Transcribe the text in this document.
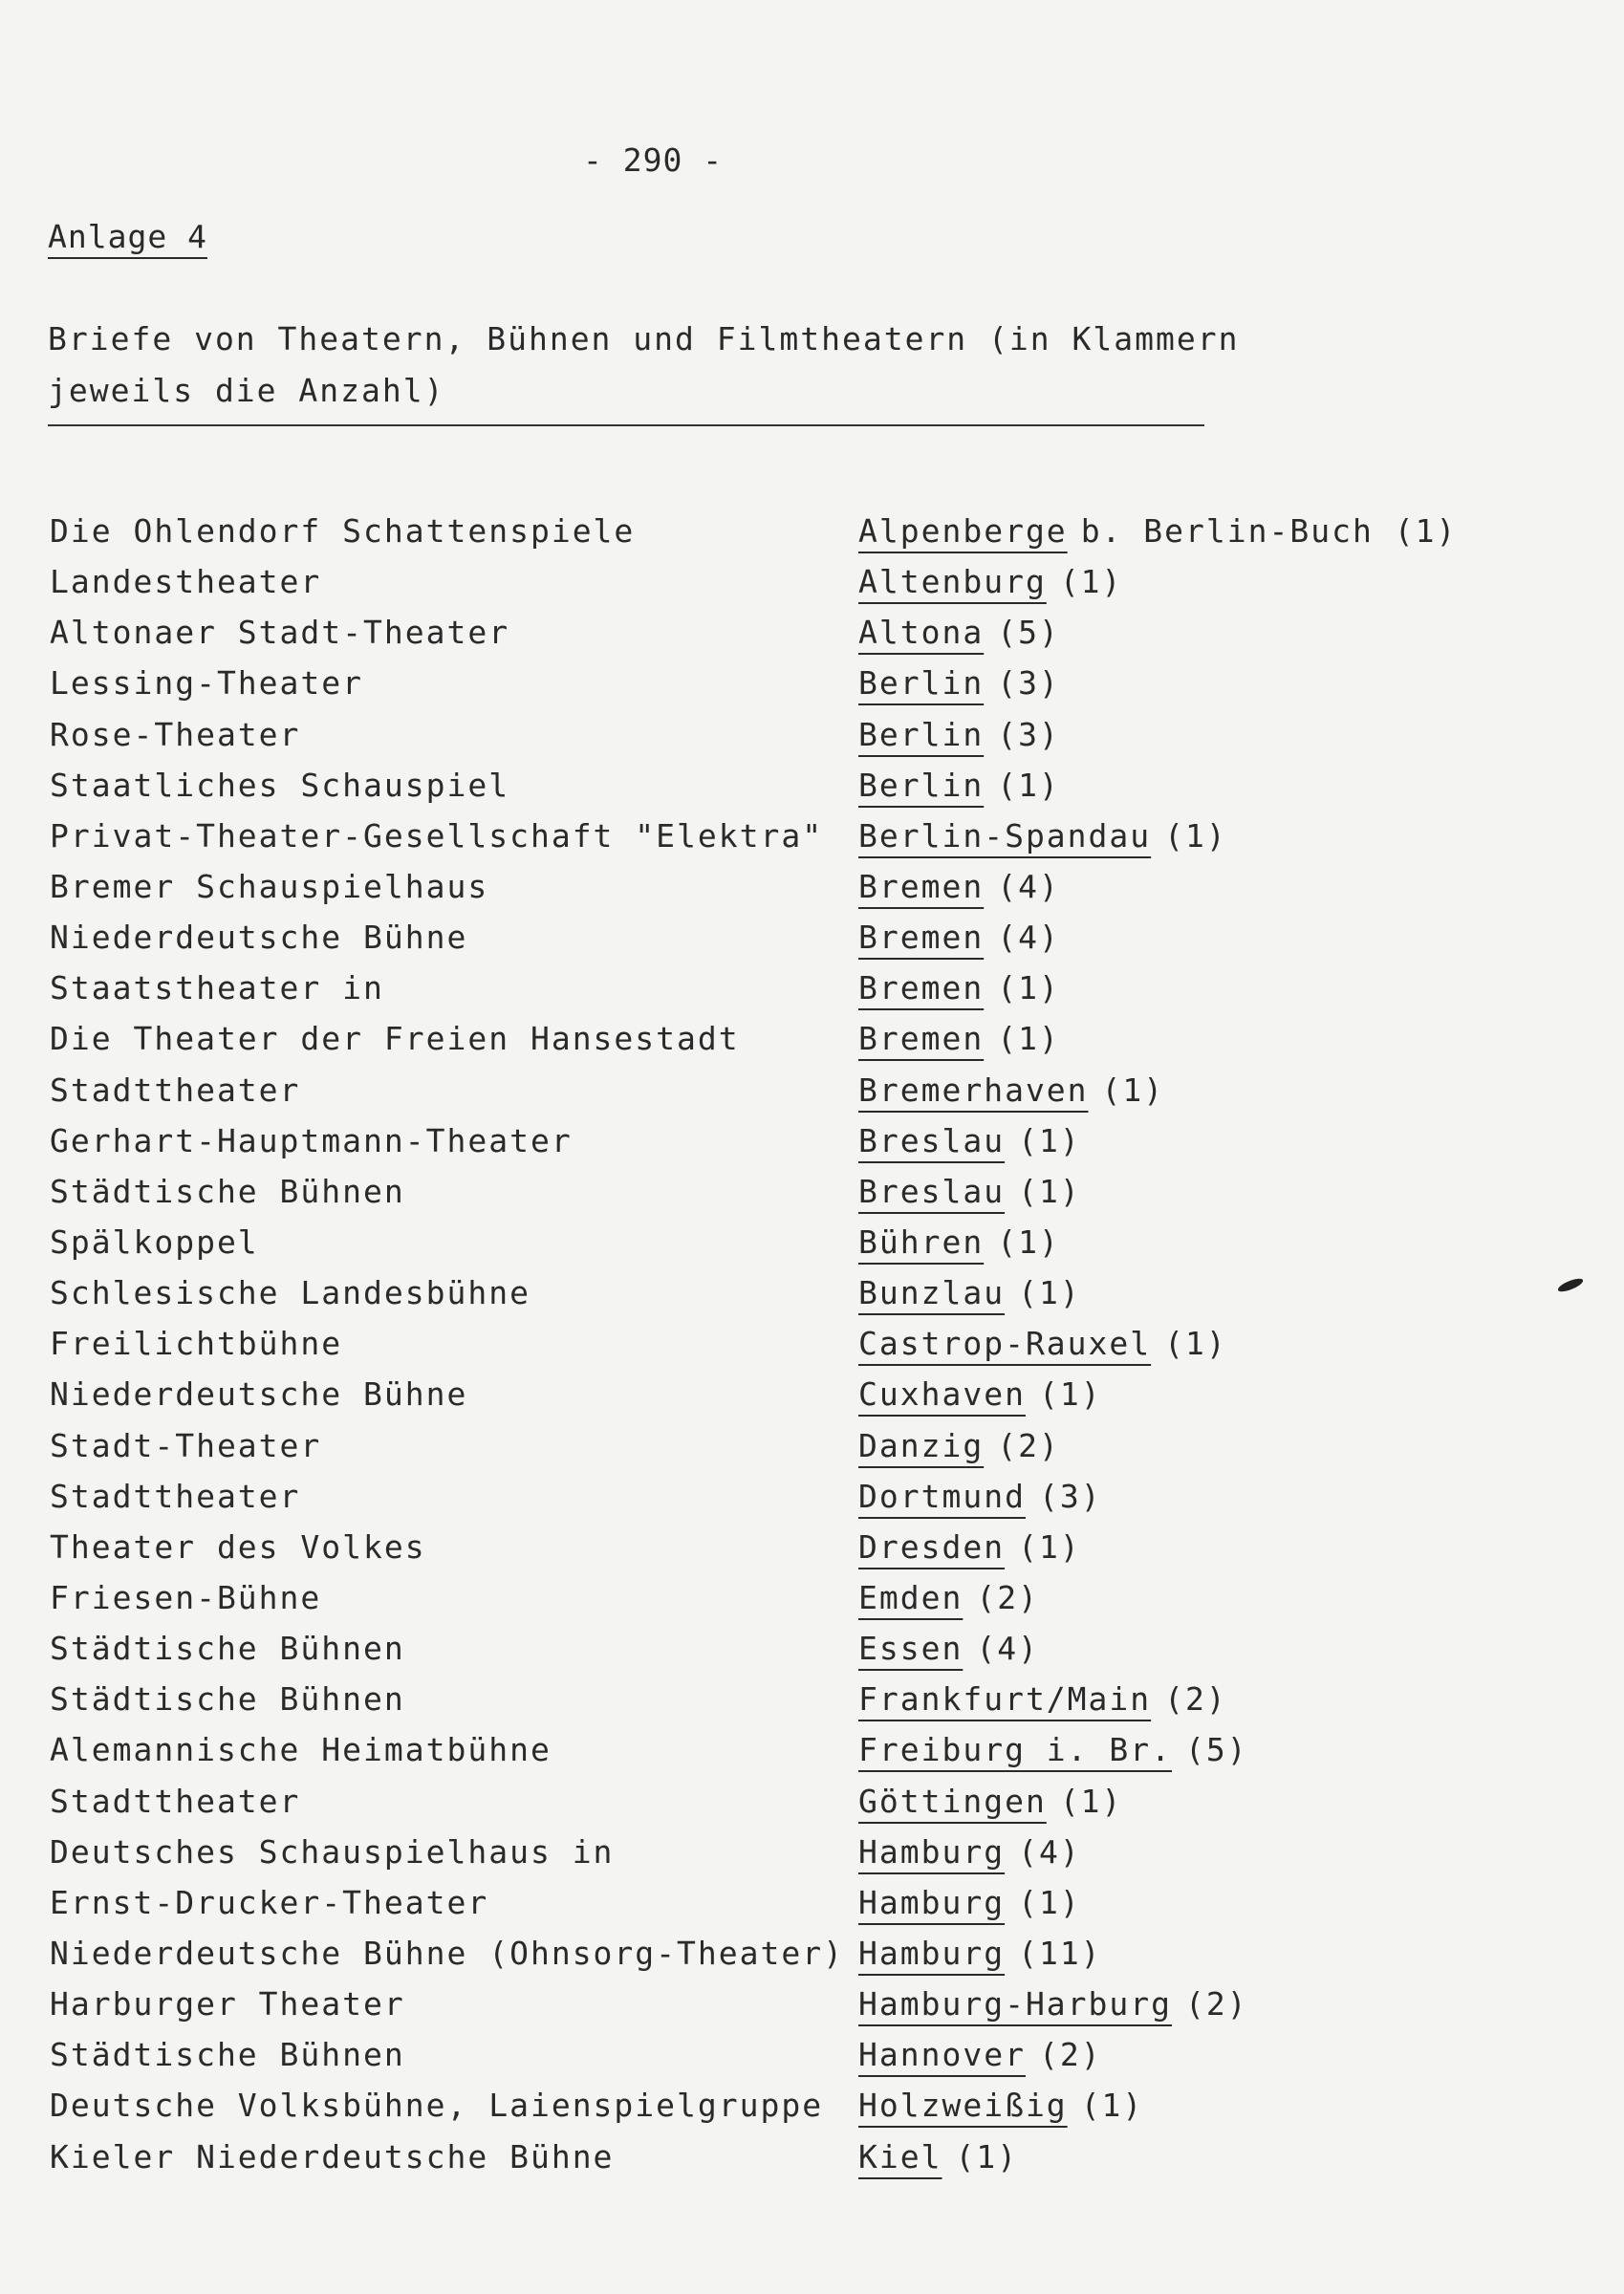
- 290 -
Anlage 4
Briefe von Theatern, Bühnen und Filmtheatern (in Klammern
jeweils die Anzahl)
Die Ohlendorf Schattenspiele	Alpenberge b. Berlin-Buch (1)
Landestheater	Altenburg (1)
Altonaer Stadt-Theater	Altona (5)
Lessing-Theater	Berlin (3)
Rose-Theater	Berlin (3)
Staatliches Schauspiel	Berlin (1)
Privat-Theater-Gesellschaft "Elektra"	Berlin-Spandau (1)
Bremer Schauspielhaus	Bremen (4)
Niederdeutsche Bühne	Bremen (4)
Staatstheater in	Bremen (1)
Die Theater der Freien Hansestadt	Bremen (1)
Stadttheater	Bremerhaven (1)
Gerhart-Hauptmann-Theater	Breslau (1)
Städtische Bühnen	Breslau (1)
Spälkoppel	Bühren (1)
Schlesische Landesbühne	Bunzlau (1)
Freilichtbühne	Castrop-Rauxel (1)
Niederdeutsche Bühne	Cuxhaven (1)
Stadt-Theater	Danzig (2)
Stadttheater	Dortmund (3)
Theater des Volkes	Dresden (1)
Friesen-Bühne	Emden (2)
Städtische Bühnen	Essen (4)
Städtische Bühnen	Frankfurt/Main (2)
Alemannische Heimatbühne	Freiburg i. Br. (5)
Stadttheater	Göttingen (1)
Deutsches Schauspielhaus in	Hamburg (4)
Ernst-Drucker-Theater	Hamburg (1)
Niederdeutsche Bühne (Ohnsorg-Theater) Hamburg (11)
Harburger Theater	Hamburg-Harburg (2)
Städtische Bühnen	Hannover (2)
Deutsche Volksbühne, Laienspielgruppe	Holzweißig (1)
Kieler Niederdeutsche Bühne	Kiel (1)
